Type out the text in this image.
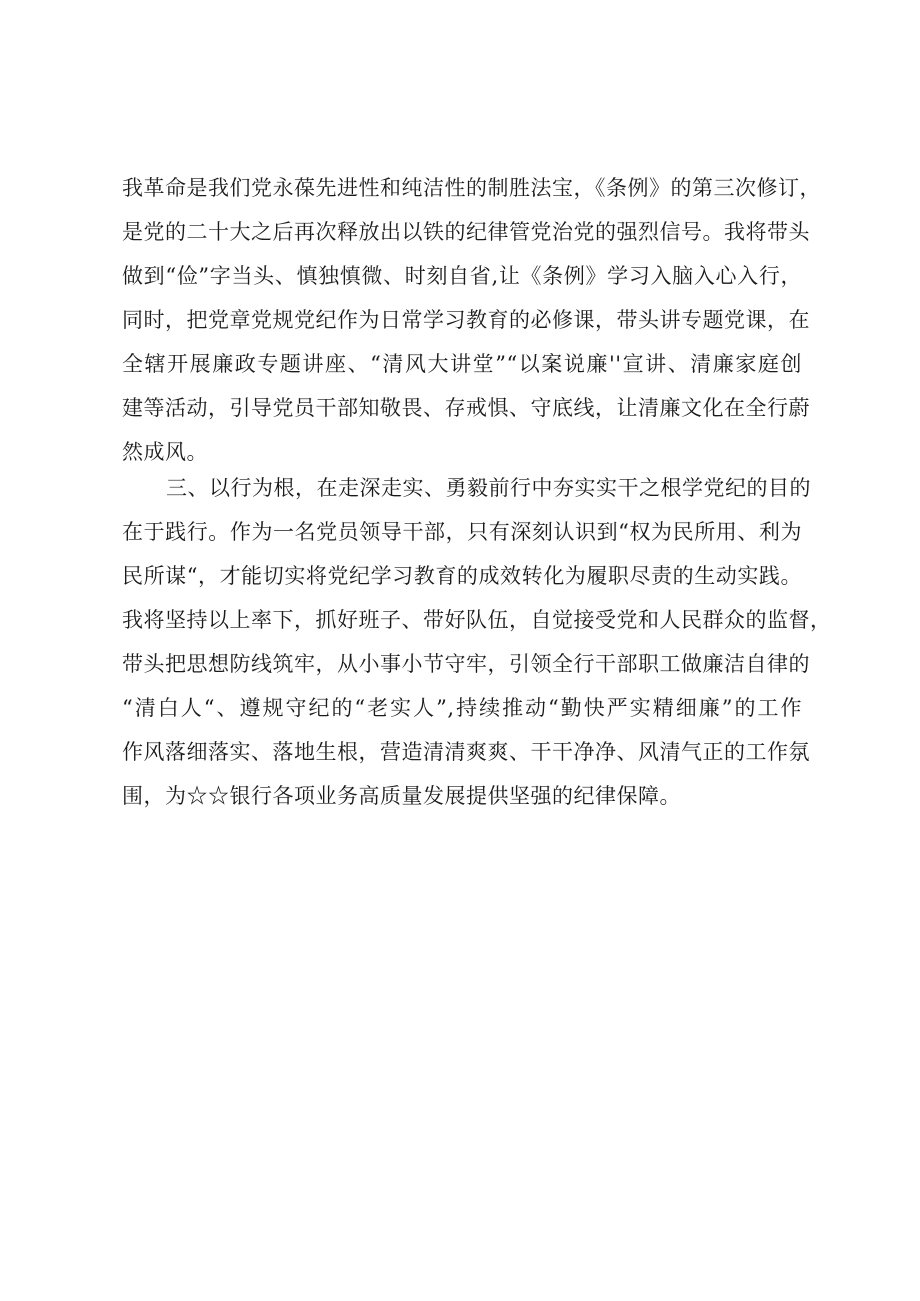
我革命是我们党永葆先进性和纯洁性的制胜法宝，《条例》的第三次修订，
是党的二十大之后再次释放出以铁的纪律管党治党的强烈信号。我将带头
做到“俭”字当头、慎独慎微、时刻自省,让《条例》学习入脑入心入行，
同时，把党章党规党纪作为日常学习教育的必修课，带头讲专题党课，在
全辖开展廉政专题讲座、“清风大讲堂”“以案说廉''宣讲、清廉家庭创
建等活动，引导党员干部知敬畏、存戒惧、守底线，让清廉文化在全行蔚
然成风。
三、以行为根，在走深走实、勇毅前行中夯实实干之根学党纪的目的
在于践行。作为一名党员领导干部，只有深刻认识到“权为民所用、利为
民所谋“，才能切实将党纪学习教育的成效转化为履职尽责的生动实践。
我将坚持以上率下，抓好班子、带好队伍，自觉接受党和人民群众的监督，
带头把思想防线筑牢，从小事小节守牢，引领全行干部职工做廉洁自律的
“清白人“、遵规守纪的“老实人”,持续推动“勤快严实精细廉”的工作
作风落细落实、落地生根，营造清清爽爽、干干净净、风清气正的工作氛
围，为☆☆银行各项业务高质量发展提供坚强的纪律保障。
